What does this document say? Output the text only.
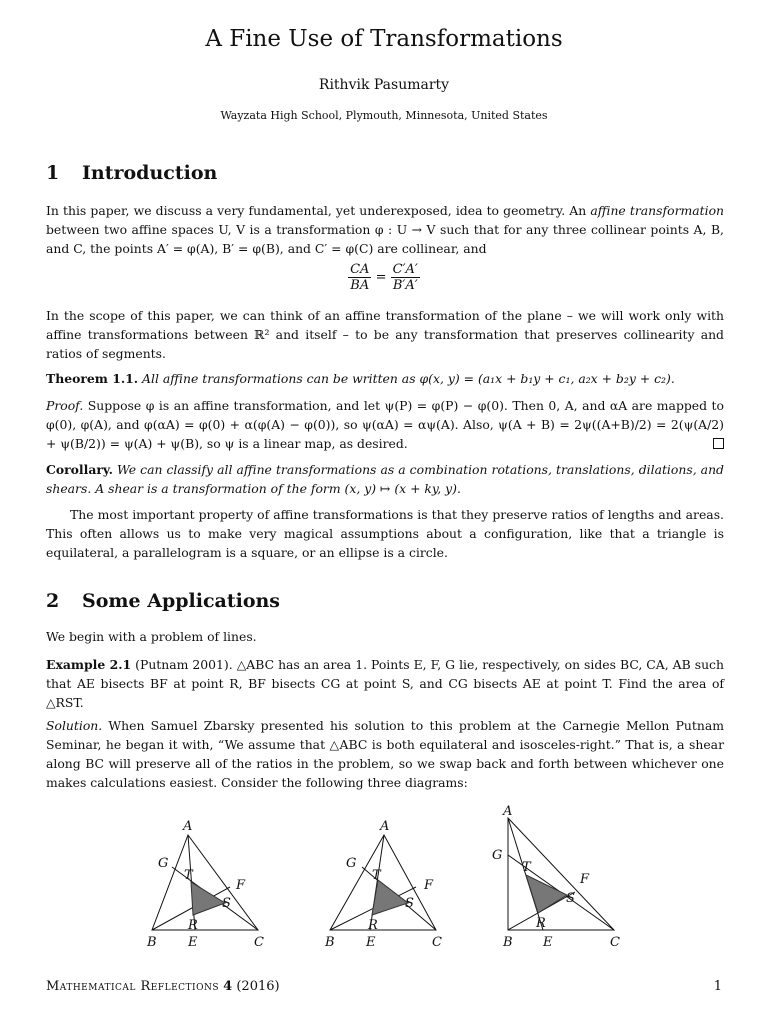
A Fine Use of Transformations
Rithvik Pasumarty
Wayzata High School, Plymouth, Minnesota, United States
1 Introduction
In this paper, we discuss a very fundamental, yet underexposed, idea to geometry. An affine transformation between two affine spaces U, V is a transformation φ : U → V such that for any three collinear points A, B, and C, the points A′ = φ(A), B′ = φ(B), and C′ = φ(C) are collinear, and
$\frac{CA}{BA} = \frac{C'A'}{B'A'}$
In the scope of this paper, we can think of an affine transformation of the plane – we will work only with affine transformations between ℝ² and itself – to be any transformation that preserves collinearity and ratios of segments.
Theorem 1.1. All affine transformations can be written as φ(x, y) = (a₁x + b₁y + c₁, a₂x + b₂y + c₂).
Proof. Suppose φ is an affine transformation, and let ψ(P) = φ(P) − φ(0). Then 0, A, and αA are mapped to φ(0), φ(A), and φ(αA) = φ(0) + α(φ(A) − φ(0)), so ψ(αA) = αψ(A). Also, ψ(A + B) = 2ψ((A+B)/2) = 2(ψ(A/2) + ψ(B/2)) = ψ(A) + ψ(B), so ψ is a linear map, as desired.
Corollary. We can classify all affine transformations as a combination rotations, translations, dilations, and shears. A shear is a transformation of the form (x, y) ↦ (x + ky, y).
The most important property of affine transformations is that they preserve ratios of lengths and areas. This often allows us to make very magical assumptions about a configuration, like that a triangle is equilateral, a parallelogram is a square, or an ellipse is a circle.
2 Some Applications
We begin with a problem of lines.
Example 2.1 (Putnam 2001). △ABC has an area 1. Points E, F, G lie, respectively, on sides BC, CA, AB such that AE bisects BF at point R, BF bisects CG at point S, and CG bisects AE at point T. Find the area of △RST.
Solution. When Samuel Zbarsky presented his solution to this problem at the Carnegie Mellon Putnam Seminar, he began it with, “We assume that △ABC is both equilateral and isosceles-right.” That is, a shear along BC will preserve all of the ratios in the problem, so we swap back and forth between whichever one makes calculations easiest. Consider the following three diagrams:
A
B	C
E
F
G
R
S
T
A
B	C
E
F
G
R
S
T
A
B	C
E
F
G
R
S
T
Mathematical Reflections 4 (2016)	1
